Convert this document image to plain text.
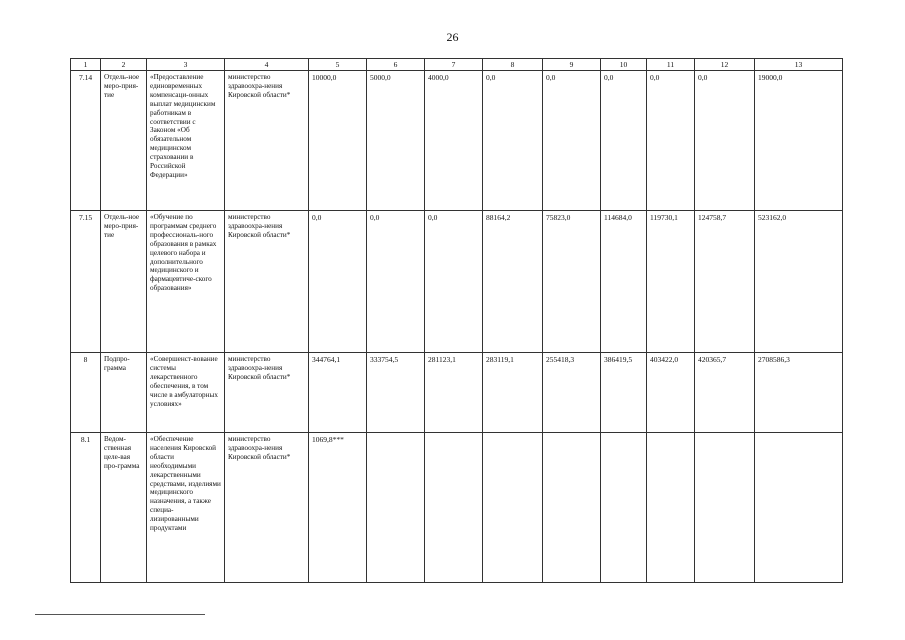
26
1	2	3	4	5	6	7	8	9	10	11	12	13
7.14	Отдель-ное меро-прия-тие	«Предоставление единовременных компенсаци-онных выплат медицинским работникам в соответствии с Законом «Об обязательном медицинском страховании в Российской Федерации»	министерство здравоохра-нения Кировской области*	10000,0	5000,0	4000,0	0,0	0,0	0,0	0,0	0,0	19000,0
7.15	Отдель-ное меро-прия-тие	«Обучение по программам среднего профессиональ-ного образования в рамках целевого набора и дополнительного медицинского и фармацевтиче-ского образования»	министерство здравоохра-нения Кировской области*	0,0	0,0	0,0	88164,2	75823,0	114684,0	119730,1	124758,7	523162,0
8	Подпро-грамма	«Совершенст-вование системы лекарственного обеспечения, в том числе в амбулаторных условиях»	министерство здравоохра-нения Кировской области*	344764,1	333754,5	281123,1	283119,1	255418,3	386419,5	403422,0	420365,7	2708586,3
8.1	Ведом-ственная целе-вая про-грамма	«Обеспечение населения Кировской области необходимыми лекарственными средствами, изделиями медицинского назначения, а также специа-лизированными продуктами	министерство здравоохра-нения Кировской области*	1069,8***								
